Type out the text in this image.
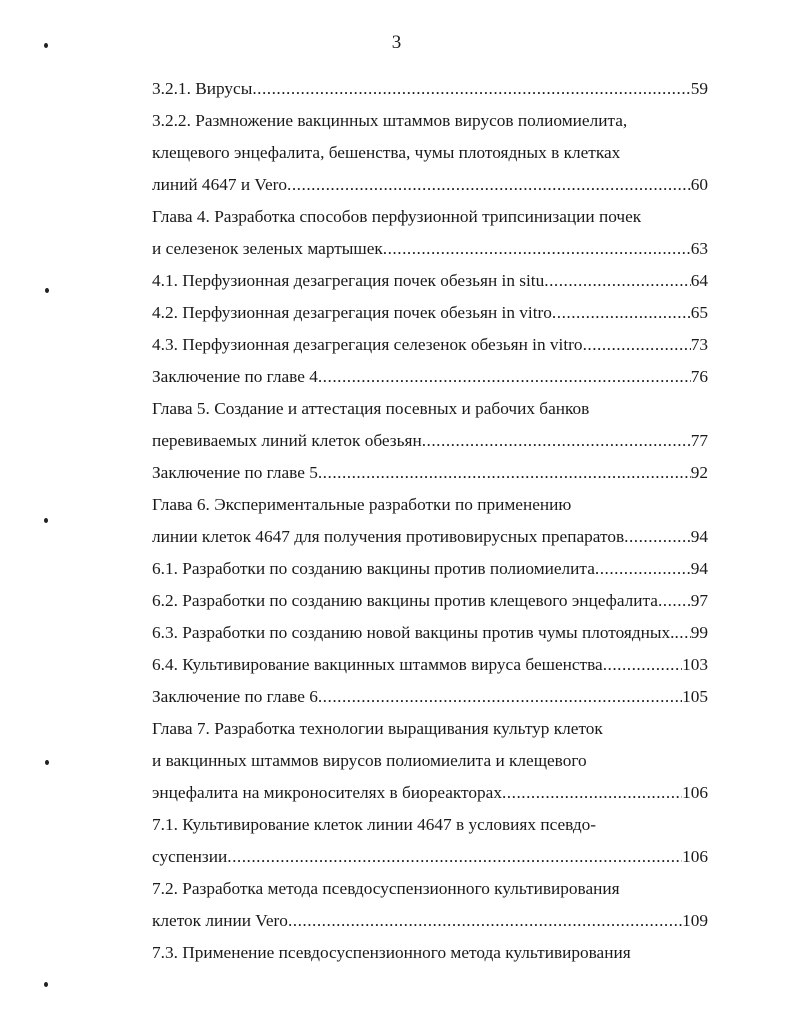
3
3.2.1. Вирусы .....	59
3.2.2. Размножение вакцинных штаммов вирусов полиомиелита,
клещевого энцефалита, бешенства, чумы плотоядных в клетках
линий 4647 и Vero .....	60
Глава 4. Разработка способов перфузионной трипсинизации почек
и селезенок зеленых мартышек .....	.63
4.1. Перфузионная дезагрегация почек обезьян in situ .....	64
4.2. Перфузионная дезагрегация почек обезьян in vitro .....	65
4.3. Перфузионная дезагрегация селезенок обезьян in vitro .....	73
Заключение по главе 4 .....	76
Глава 5. Создание и аттестация посевных и рабочих банков
перевиваемых линий клеток обезьян .....	77
Заключение по главе 5 .....	92
Глава 6. Экспериментальные разработки по применению
линии клеток 4647 для получения противовирусных препаратов .....	94
6.1. Разработки по созданию вакцины против полиомиелита .....	94
6.2. Разработки по созданию вакцины против клещевого энцефалита ..... 97
6.3. Разработки по созданию новой вакцины против чумы плотоядных. ..... 99
6.4. Культивирование вакцинных штаммов вируса бешенства .....	103
Заключение по главе 6 .....	105
Глава 7. Разработка технологии выращивания культур клеток
и вакцинных штаммов вирусов полиомиелита и клещевого
энцефалита на микроносителях в биореакторах .....	106
7.1. Культивирование клеток линии 4647 в условиях псевдо-
суспензии .....	106
7.2. Разработка метода псевдосуспензионного культивирования
клеток линии Vero .....	109
7.3. Применение псевдосуспензионного метода культивирования
